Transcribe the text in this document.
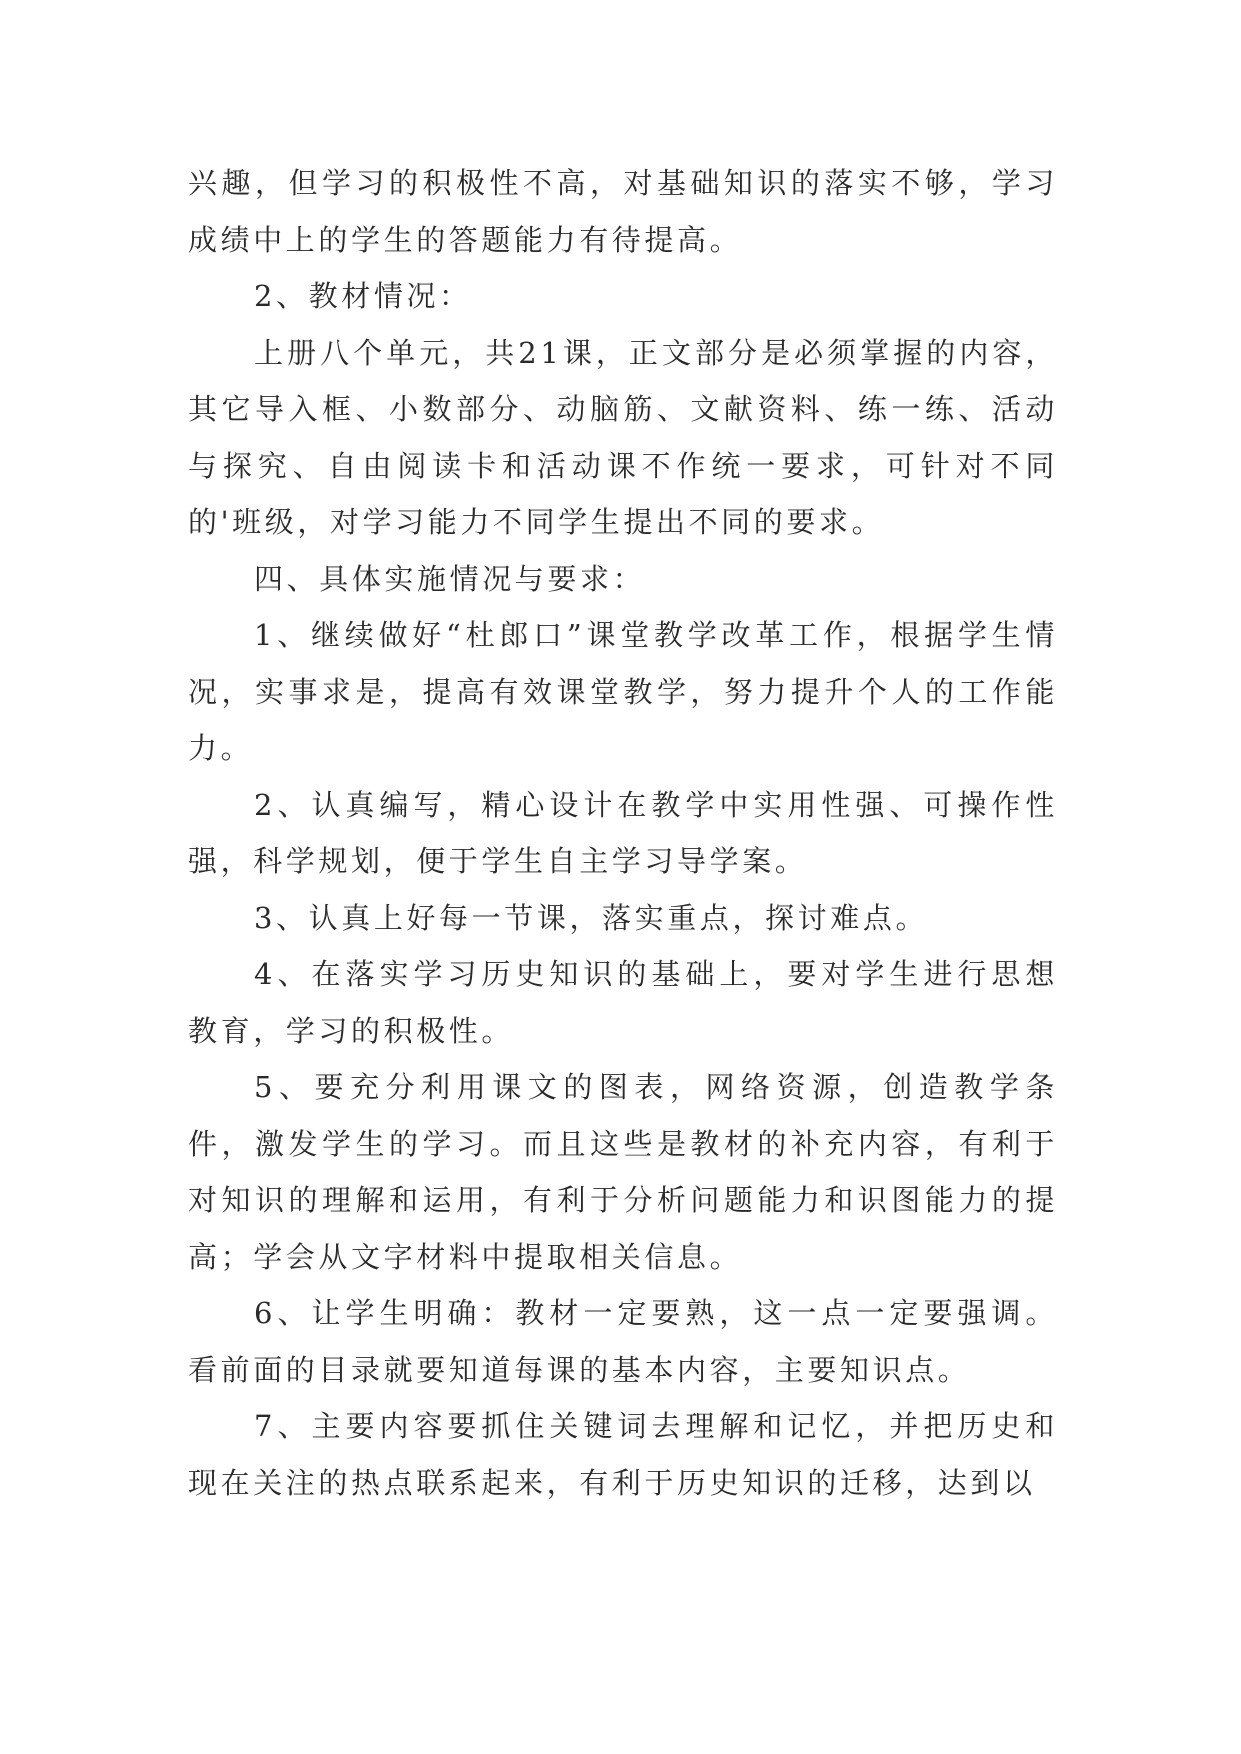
兴趣，但学习的积极性不高，对基础知识的落实不够，学习成绩中上的学生的答题能力有待提高。

2、教材情况：

上册八个单元，共21课，正文部分是必须掌握的内容，其它导入框、小数部分、动脑筋、文献资料、练一练、活动与探究、自由阅读卡和活动课不作统一要求，可针对不同的'班级，对学习能力不同学生提出不同的要求。

四、具体实施情况与要求：

1、继续做好“杜郎口”课堂教学改革工作，根据学生情况，实事求是，提高有效课堂教学，努力提升个人的工作能力。

2、认真编写，精心设计在教学中实用性强、可操作性强，科学规划，便于学生自主学习导学案。

3、认真上好每一节课，落实重点，探讨难点。

4、在落实学习历史知识的基础上，要对学生进行思想教育，学习的积极性。

5、要充分利用课文的图表，网络资源，创造教学条件，激发学生的学习。而且这些是教材的补充内容，有利于对知识的理解和运用，有利于分析问题能力和识图能力的提高；学会从文字材料中提取相关信息。

6、让学生明确：教材一定要熟，这一点一定要强调。看前面的目录就要知道每课的基本内容，主要知识点。

7、主要内容要抓住关键词去理解和记忆，并把历史和现在关注的热点联系起来，有利于历史知识的迁移，达到以
